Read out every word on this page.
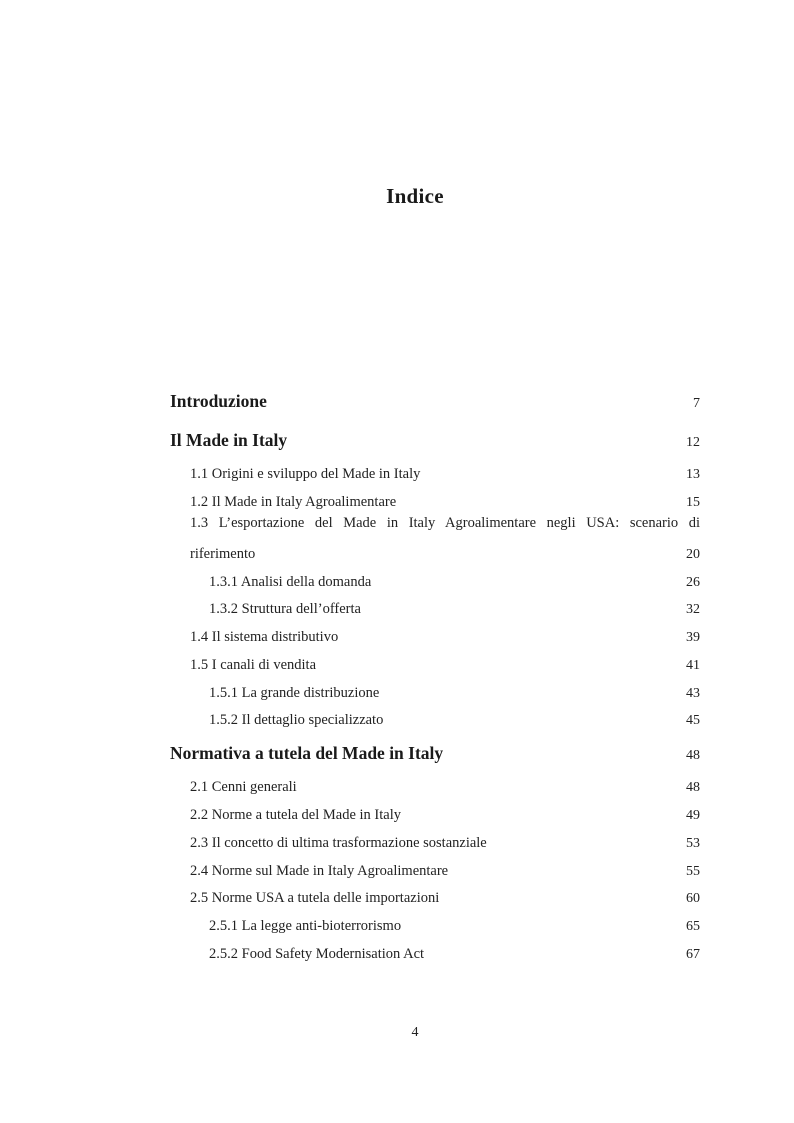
Indice
Introduzione	7
Il Made in Italy	12
1.1 Origini e sviluppo del Made in Italy	13
1.2 Il Made in Italy Agroalimentare	15
1.3 L’esportazione del Made in Italy Agroalimentare negli USA: scenario di
riferimento	20
1.3.1 Analisi della domanda	26
1.3.2 Struttura dell’offerta	32
1.4 Il sistema distributivo	39
1.5 I canali di vendita	41
1.5.1 La grande distribuzione	43
1.5.2 Il dettaglio specializzato	45
Normativa a tutela del Made in Italy	48
2.1 Cenni generali	48
2.2 Norme a tutela del Made in Italy	49
2.3 Il concetto di ultima trasformazione sostanziale	53
2.4 Norme sul Made in Italy Agroalimentare	55
2.5 Norme USA a tutela delle importazioni	60
2.5.1 La legge anti-bioterrorismo	65
2.5.2 Food Safety Modernisation Act	67
4
